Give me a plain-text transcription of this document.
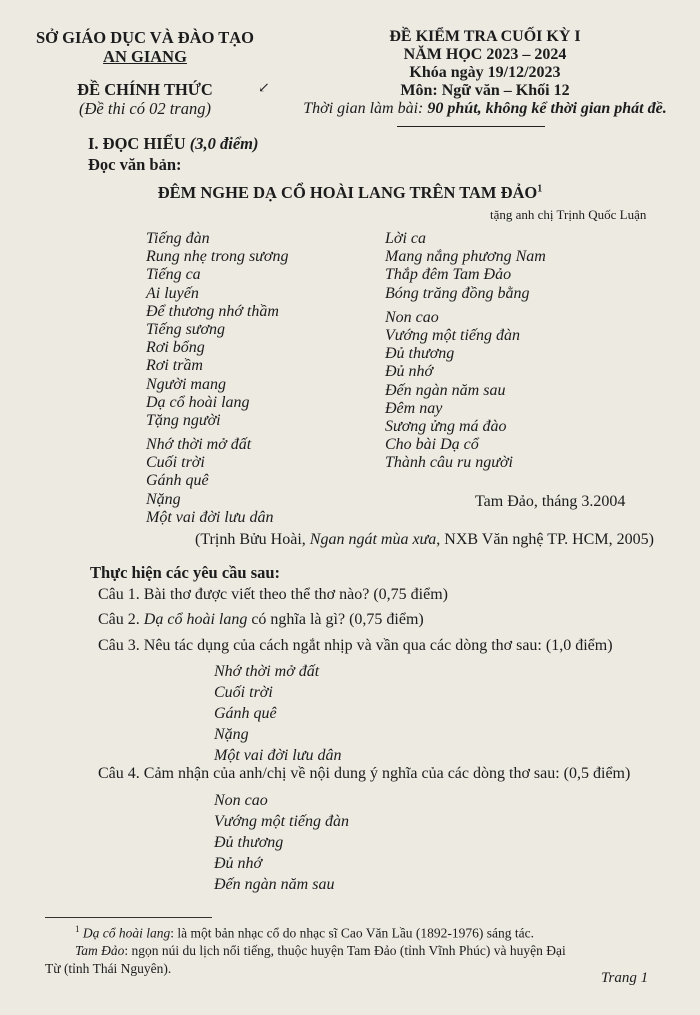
SỞ GIÁO DỤC VÀ ĐÀO TẠO
AN GIANG
ĐỀ CHÍNH THỨC
(Đề thi có 02 trang)
↙
ĐỀ KIỂM TRA CUỐI KỲ I
NĂM HỌC 2023 – 2024
Khóa ngày 19/12/2023
Môn: Ngữ văn – Khối 12
Thời gian làm bài: 90 phút, không kể thời gian phát đề.
I. ĐỌC HIỂU (3,0 điểm)
Đọc văn bản:
ĐÊM NGHE DẠ CỔ HOÀI LANG TRÊN TAM ĐẢO$^1$
tặng anh chị Trịnh Quốc Luận
Tiếng đàn
Rung nhẹ trong sương
Tiếng ca
Ai luyến
Để thương nhớ thầm
Tiếng sương
Rơi bổng
Rơi trầm
Người mang
Dạ cổ hoài lang
Tặng người
Nhớ thời mở đất
Cuối trời
Gánh quê
Nặng
Một vai đời lưu dân
Lời ca
Mang nắng phương Nam
Thắp đêm Tam Đảo
Bóng trăng đồng bằng
Non cao
Vướng một tiếng đàn
Đủ thương
Đủ nhớ
Đến ngàn năm sau
Đêm nay
Sương ửng má đào
Cho bài Dạ cổ
Thành câu ru người
Tam Đảo, tháng 3.2004
(Trịnh Bửu Hoài, Ngan ngát mùa xưa, NXB Văn nghệ TP. HCM, 2005)
Thực hiện các yêu cầu sau:
Câu 1. Bài thơ được viết theo thể thơ nào? (0,75 điểm)
Câu 2. Dạ cổ hoài lang có nghĩa là gì? (0,75 điểm)
Câu 3. Nêu tác dụng của cách ngắt nhịp và vần qua các dòng thơ sau: (1,0 điểm)
Nhớ thời mở đất
Cuối trời
Gánh quê
Nặng
Một vai đời lưu dân
Câu 4. Cảm nhận của anh/chị về nội dung ý nghĩa của các dòng thơ sau: (0,5 điểm)
Non cao
Vướng một tiếng đàn
Đủ thương
Đủ nhớ
Đến ngàn năm sau
$^1$ Dạ cổ hoài lang: là một bản nhạc cổ do nhạc sĩ Cao Văn Lầu (1892-1976) sáng tác.
Tam Đảo: ngọn núi du lịch nổi tiếng, thuộc huyện Tam Đảo (tỉnh Vĩnh Phúc) và huyện Đại
Từ (tỉnh Thái Nguyên).
Trang 1
